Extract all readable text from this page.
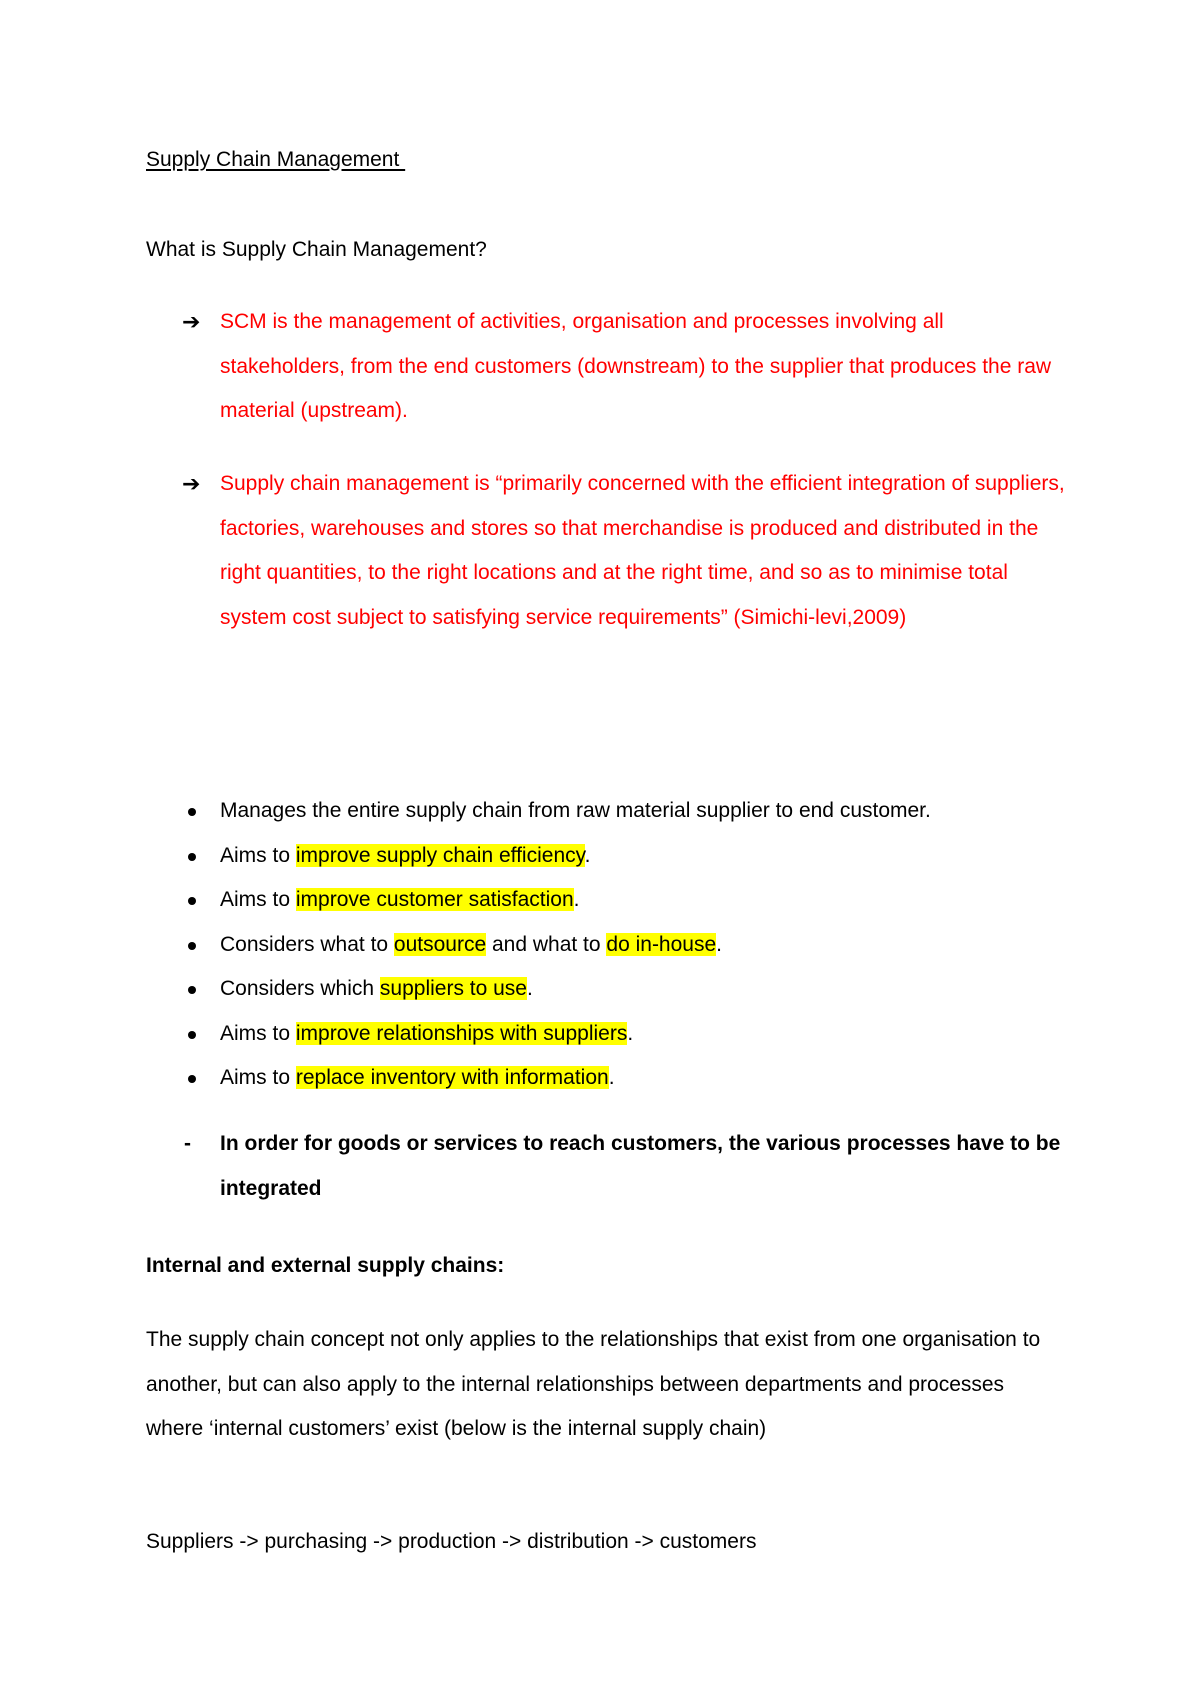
Supply Chain Management
What is Supply Chain Management?
➔ SCM is the management of activities, organisation and processes involving all stakeholders, from the end customers (downstream) to the supplier that produces the raw material (upstream).
➔ Supply chain management is “primarily concerned with the efficient integration of suppliers, factories, warehouses and stores so that merchandise is produced and distributed in the right quantities, to the right locations and at the right time, and so as to minimise total system cost subject to satisfying service requirements” (Simichi-levi,2009)
Manages the entire supply chain from raw material supplier to end customer.
Aims to improve supply chain efficiency.
Aims to improve customer satisfaction.
Considers what to outsource and what to do in-house.
Considers which suppliers to use.
Aims to improve relationships with suppliers.
Aims to replace inventory with information.
- In order for goods or services to reach customers, the various processes have to be integrated
Internal and external supply chains:
The supply chain concept not only applies to the relationships that exist from one organisation to another, but can also apply to the internal relationships between departments and processes where ‘internal customers’ exist (below is the internal supply chain)
Suppliers -> purchasing -> production -> distribution -> customers
